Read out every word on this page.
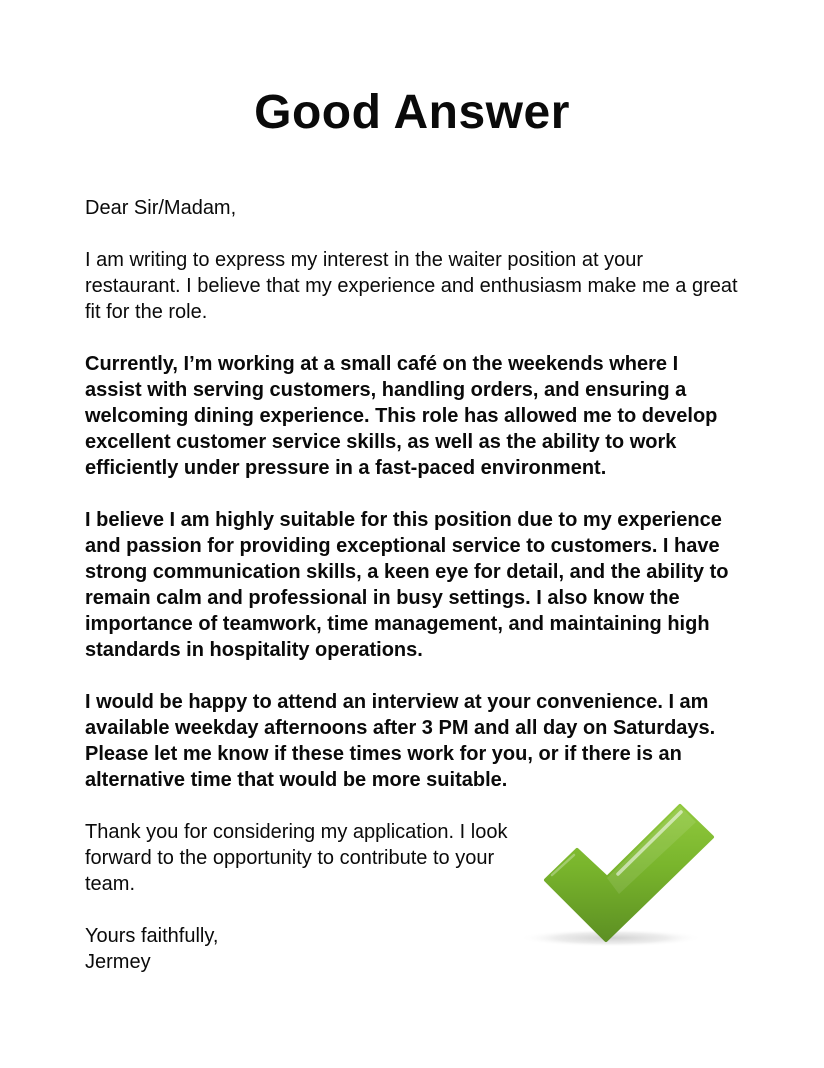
Good Answer

Dear Sir/Madam,

I am writing to express my interest in the waiter position at your restaurant. I believe that my experience and enthusiasm make me a great fit for the role.

Currently, I’m working at a small café on the weekends where I assist with serving customers, handling orders, and ensuring a welcoming dining experience. This role has allowed me to develop excellent customer service skills, as well as the ability to work efficiently under pressure in a fast-paced environment.

I believe I am highly suitable for this position due to my experience and passion for providing exceptional service to customers. I have strong communication skills, a keen eye for detail, and the ability to remain calm and professional in busy settings. I also know the importance of teamwork, time management, and maintaining high standards in hospitality operations.

I would be happy to attend an interview at your convenience. I am available weekday afternoons after 3 PM and all day on Saturdays. Please let me know if these times work for you, or if there is an alternative time that would be more suitable.

Thank you for considering my application. I look forward to the opportunity to contribute to your team.

Yours faithfully,

Jermey
